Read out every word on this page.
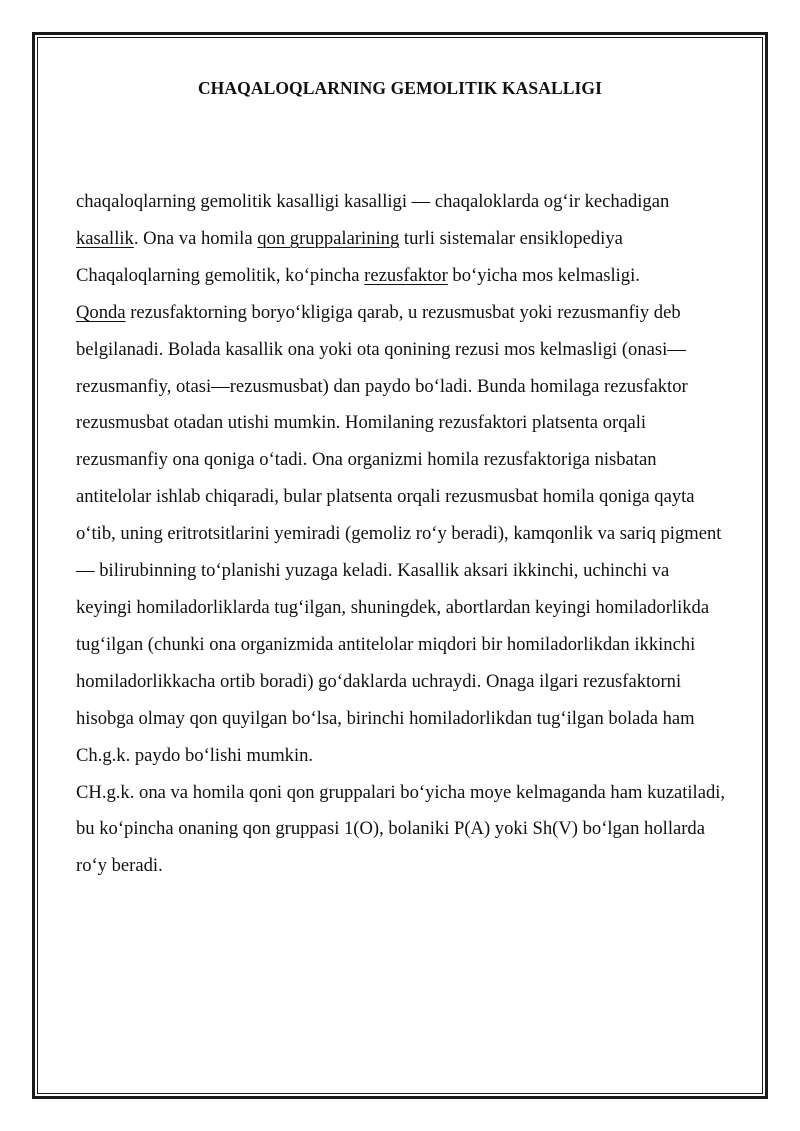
CHAQALOQLARNING GEMOLITIK KASALLIGI

chaqaloqlarning gemolitik kasalligi kasalligi — chaqaloklarda og‘ir kechadigan kasallik. Ona va homila qon gruppalarining turli sistemalar ensiklopediya

Chaqaloqlarning gemolitik, ko‘pincha rezusfaktor bo‘yicha mos kelmasligi.

Qonda rezusfaktorning boryo‘kligiga qarab, u rezusmusbat yoki rezusmanfiy deb belgilanadi. Bolada kasallik ona yoki ota qonining rezusi mos kelmasligi (onasi—rezusmanfiy, otasi—rezusmusbat) dan paydo bo‘ladi. Bunda homilaga rezusfaktor rezusmusbat otadan utishi mumkin. Homilaning rezusfaktori platsenta orqali rezusmanfiy ona qoniga o‘tadi. Ona organizmi homila rezusfaktoriga nisbatan antitelolar ishlab chiqaradi, bular platsenta orqali rezusmusbat homila qoniga qayta o‘tib, uning eritrotsitlarini yemiradi (gemoliz ro‘y beradi), kamqonlik va sariq pigment — bilirubinning to‘planishi yuzaga keladi. Kasallik aksari ikkinchi, uchinchi va keyingi homiladorliklarda tug‘ilgan, shuningdek, abortlardan keyingi homiladorlikda tug‘ilgan (chunki ona organizmida antitelolar miqdori bir homiladorlikdan ikkinchi homiladorlikkacha ortib boradi) go‘daklarda uchraydi. Onaga ilgari rezusfaktorni hisobga olmay qon quyilgan bo‘lsa, birinchi homiladorlikdan tug‘ilgan bolada ham Ch.g.k. paydo bo‘lishi mumkin.

CH.g.k. ona va homila qoni qon gruppalari bo‘yicha moye kelmaganda ham kuzatiladi, bu ko‘pincha onaning qon gruppasi 1(O), bolaniki P(A) yoki Sh(V) bo‘lgan hollarda ro‘y beradi.
